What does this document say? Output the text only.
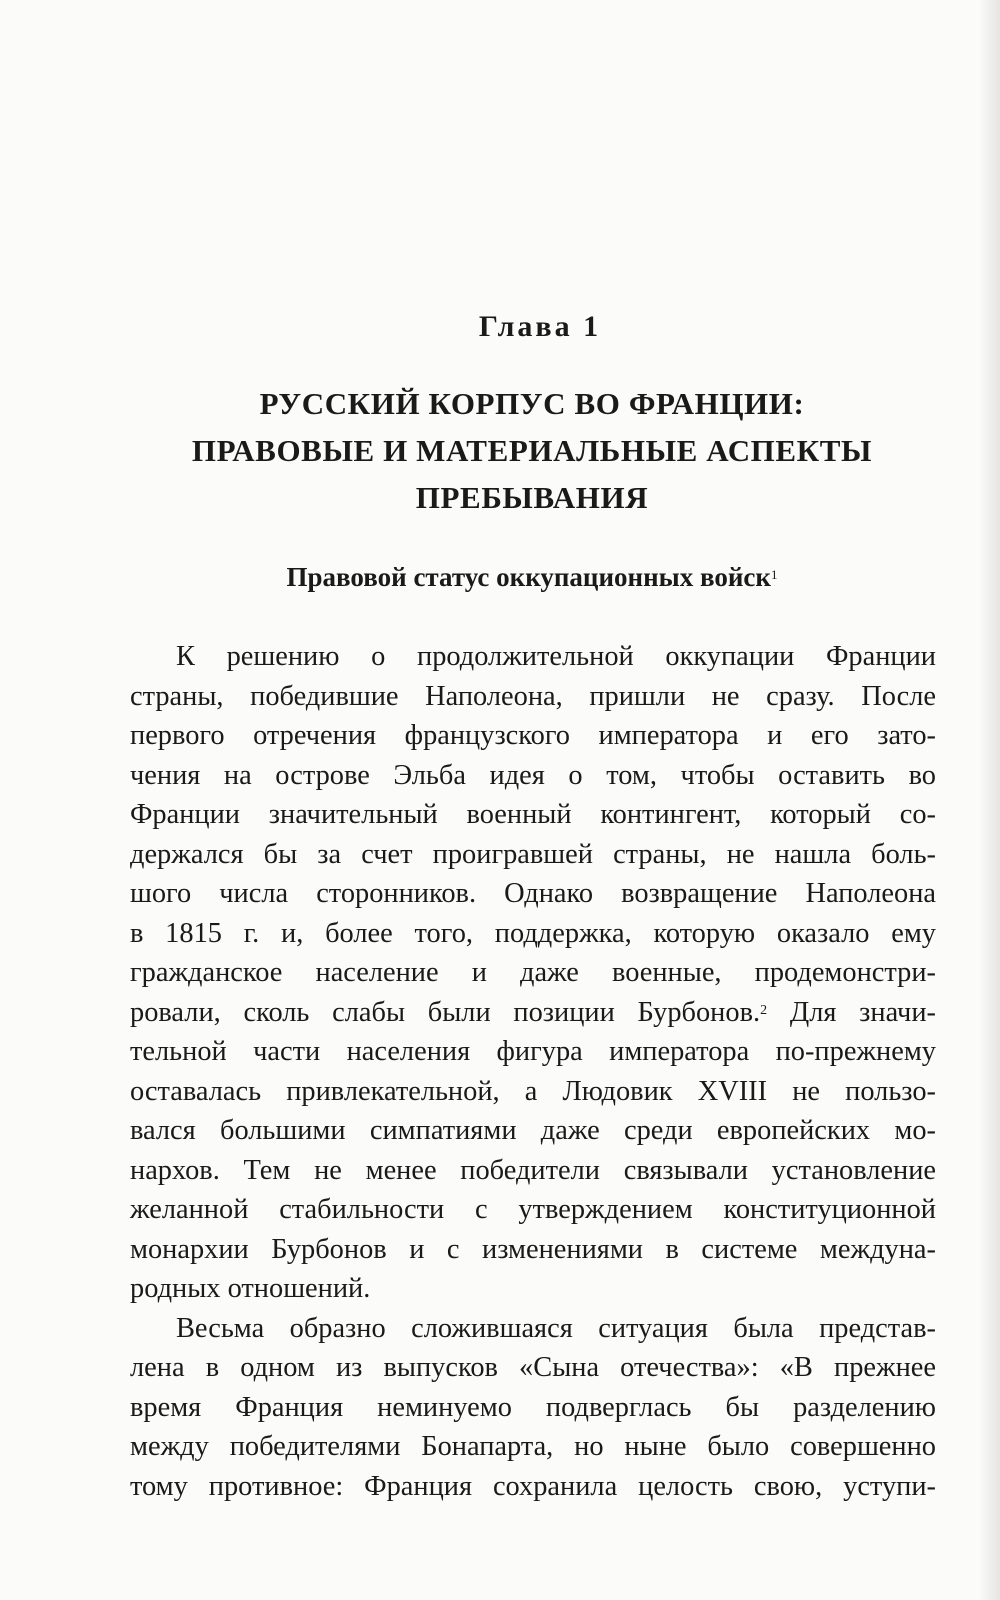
Глава 1
РУССКИЙ КОРПУС ВО ФРАНЦИИ:
ПРАВОВЫЕ И МАТЕРИАЛЬНЫЕ АСПЕКТЫ
ПРЕБЫВАНИЯ
Правовой статус оккупационных войск$^1$
К решению о продолжительной оккупации Франции
страны, победившие Наполеона, пришли не сразу. После
первого отречения французского императора и его зато-
чения на острове Эльба идея о том, чтобы оставить во
Франции значительный военный контингент, который со-
держался бы за счет проигравшей страны, не нашла боль-
шого числа сторонников. Однако возвращение Наполеона
в 1815 г. и, более того, поддержка, которую оказало ему
гражданское население и даже военные, продемонстри-
ровали, сколь слабы были позиции Бурбонов.$^2$ Для значи-
тельной части населения фигура императора по-прежнему
оставалась привлекательной, а Людовик XVIII не пользо-
вался большими симпатиями даже среди европейских мо-
нархов. Тем не менее победители связывали установление
желанной стабильности с утверждением конституционной
монархии Бурбонов и с изменениями в системе междуна-
родных отношений.
Весьма образно сложившаяся ситуация была представ-
лена в одном из выпусков «Сына отечества»: «В прежнее
время Франция неминуемо подверглась бы разделению
между победителями Бонапарта, но ныне было совершенно
тому противное: Франция сохранила целость свою, уступи-
